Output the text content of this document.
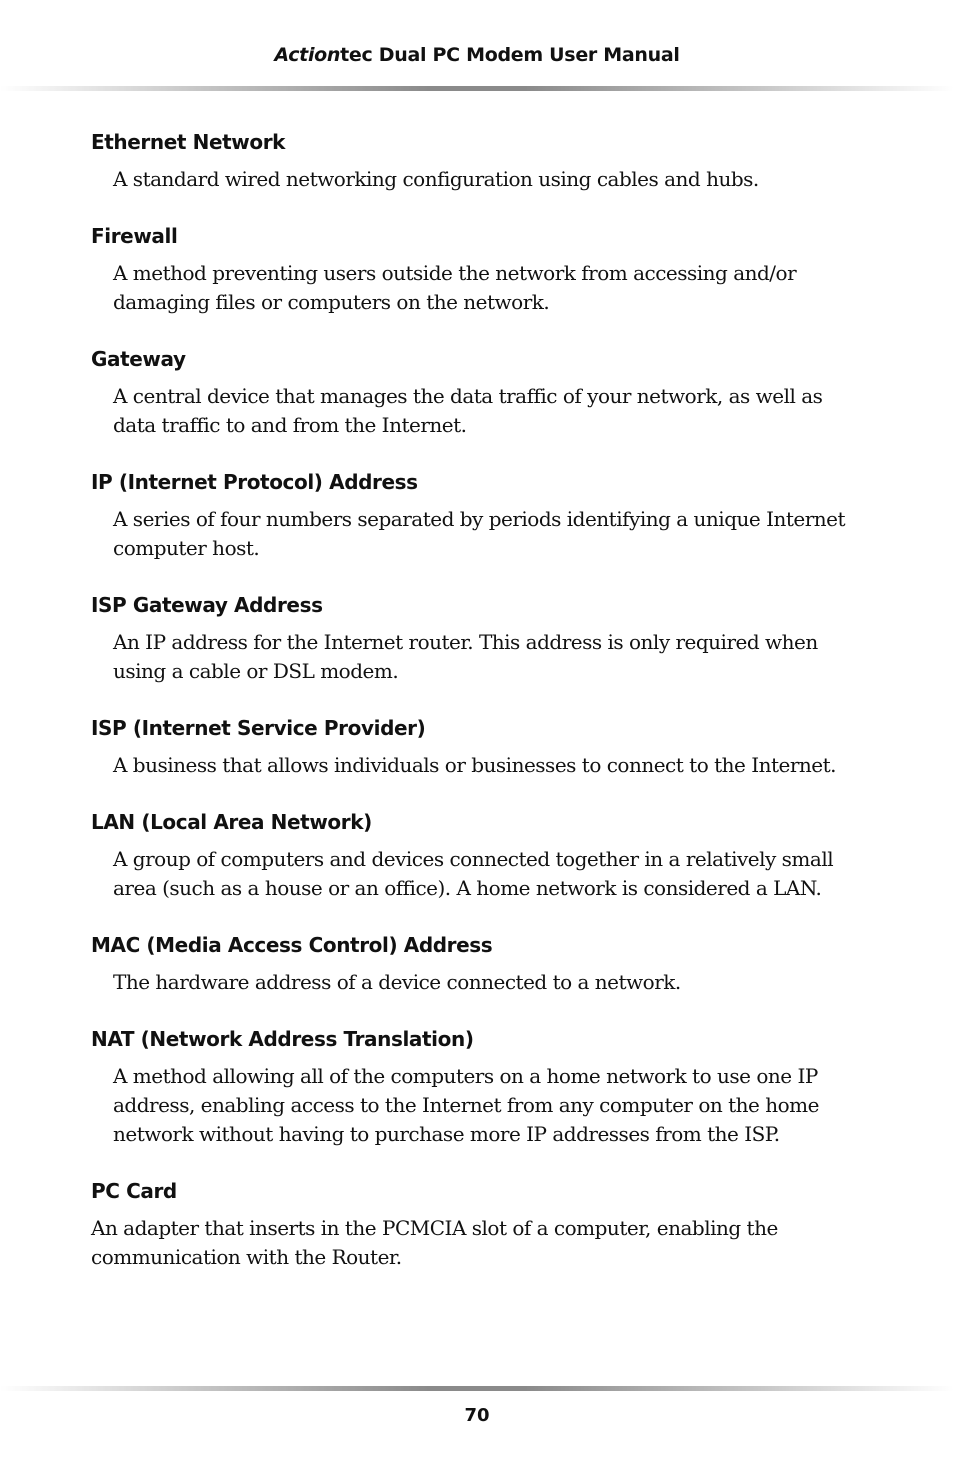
Actiontec Dual PC Modem User Manual
Ethernet Network
A standard wired networking configuration using cables and hubs.
Firewall
A method preventing users outside the network from accessing and/or damaging files or computers on the network.
Gateway
A central device that manages the data traffic of your network, as well as data traffic to and from the Internet.
IP (Internet Protocol) Address
A series of four numbers separated by periods identifying a unique Internet computer host.
ISP Gateway Address
An IP address for the Internet router. This address is only required when using a cable or DSL modem.
ISP (Internet Service Provider)
A business that allows individuals or businesses to connect to the Internet.
LAN (Local Area Network)
A group of computers and devices connected together in a relatively small area (such as a house or an office). A home network is considered a LAN.
MAC (Media Access Control) Address
The hardware address of a device connected to a network.
NAT (Network Address Translation)
A method allowing all of the computers on a home network to use one IP address, enabling access to the Internet from any computer on the home network without having to purchase more IP addresses from the ISP.
PC Card
An adapter that inserts in the PCMCIA slot of a computer, enabling the communication with the Router.
70
